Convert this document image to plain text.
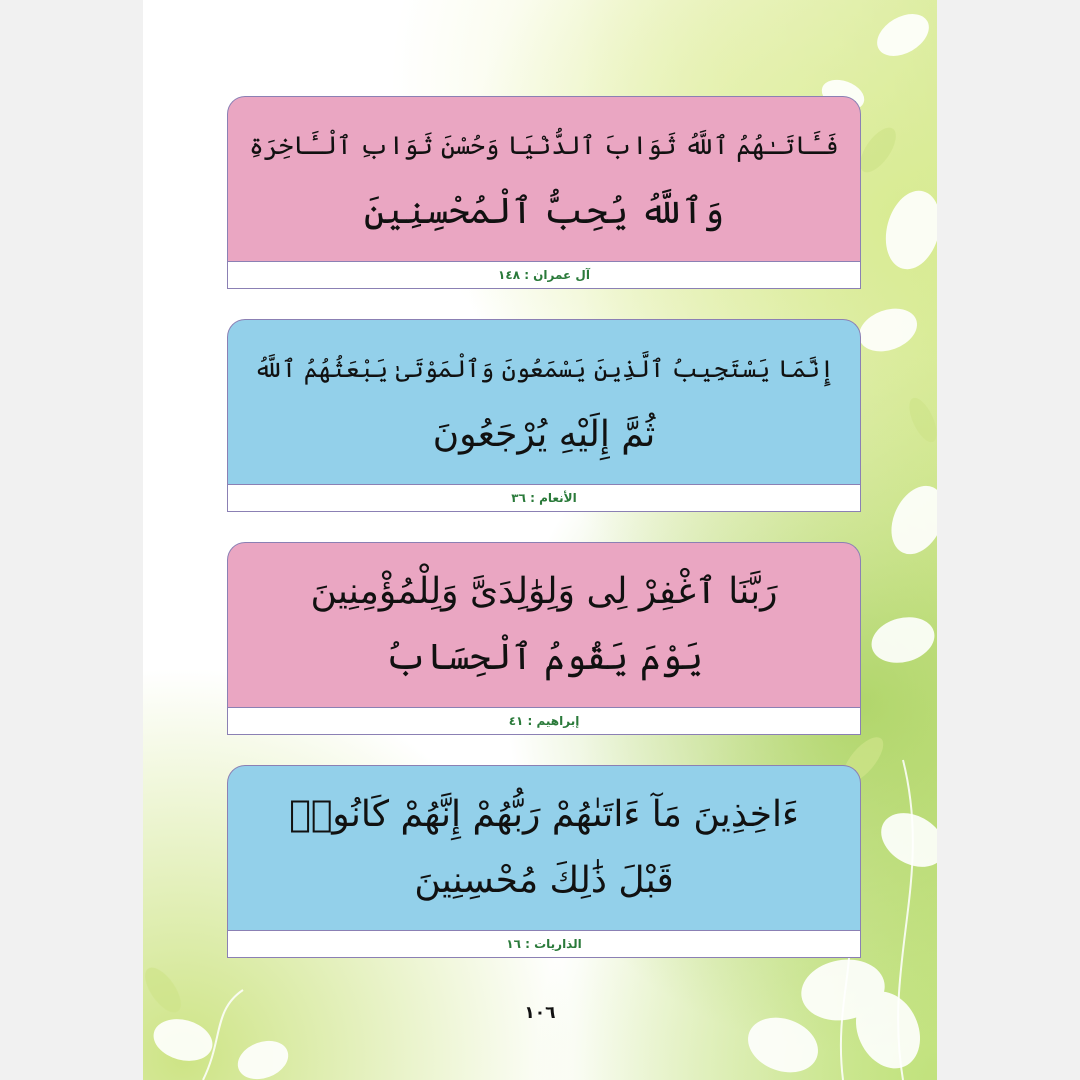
فَـَٔاتَـٰهُمُ ٱللَّهُ ثَوَابَ ٱلدُّنْيَا وَحُسْنَ ثَوَابِ ٱلْـَٔاخِرَةِ
وَٱللَّهُ يُحِبُّ ٱلْمُحْسِنِينَ
آل عمران : ١٤٨
إِنَّمَا يَسْتَجِيبُ ٱلَّذِينَ يَسْمَعُونَ وَٱلْمَوْتَىٰ يَبْعَثُهُمُ ٱللَّهُ
ثُمَّ إِلَيْهِ يُرْجَعُونَ
الأنعام : ٣٦
رَبَّنَا ٱغْفِرْ لِى وَلِوَٰلِدَىَّ وَلِلْمُؤْمِنِينَ
يَوْمَ يَقُومُ ٱلْحِسَابُ
إبراهيم : ٤١
ءَاخِذِينَ مَآ ءَاتَىٰهُمْ رَبُّهُمْ إِنَّهُمْ كَانُوا۟
قَبْلَ ذَٰلِكَ مُحْسِنِينَ
الذاريات : ١٦
١٠٦
